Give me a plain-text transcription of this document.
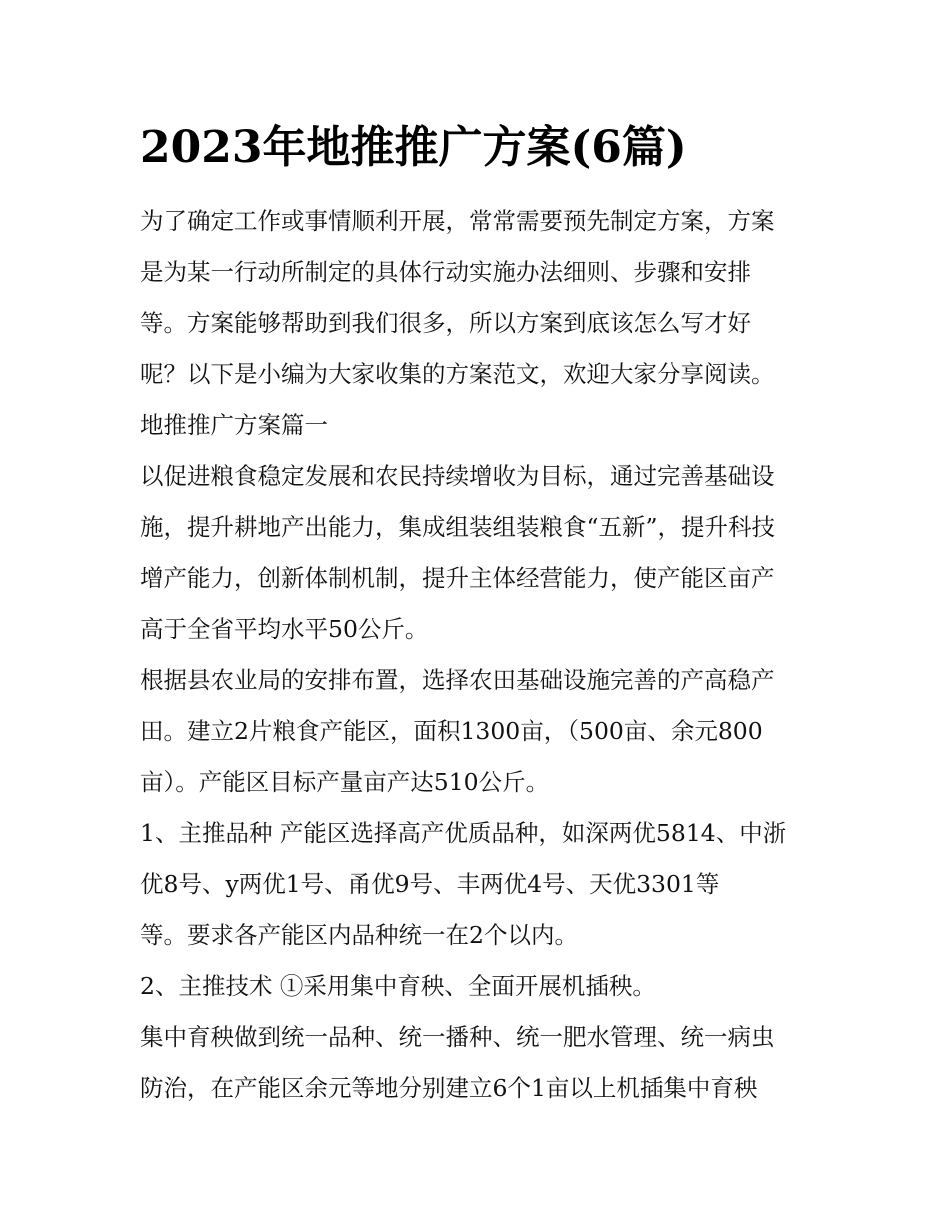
2023年地推推广方案(6篇)
为了确定工作或事情顺利开展，常常需要预先制定方案，方案
是为某一行动所制定的具体行动实施办法细则、步骤和安排
等。方案能够帮助到我们很多，所以方案到底该怎么写才好
呢？以下是小编为大家收集的方案范文，欢迎大家分享阅读。
地推推广方案篇一
以促进粮食稳定发展和农民持续增收为目标，通过完善基础设
施，提升耕地产出能力，集成组装组装粮食“五新”，提升科技
增产能力，创新体制机制，提升主体经营能力，使产能区亩产
高于全省平均水平50公斤。
根据县农业局的安排布置，选择农田基础设施完善的产高稳产
田。建立2片粮食产能区，面积1300亩，（500亩、余元800
亩）。产能区目标产量亩产达510公斤。
1、主推品种 产能区选择高产优质品种，如深两优5814、中浙
优8号、y两优1号、甬优9号、丰两优4号、天优3301等
等。要求各产能区内品种统一在2个以内。
2、主推技术 ①采用集中育秧、全面开展机插秧。
集中育秧做到统一品种、统一播种、统一肥水管理、统一病虫
防治，在产能区余元等地分别建立6个1亩以上机插集中育秧
